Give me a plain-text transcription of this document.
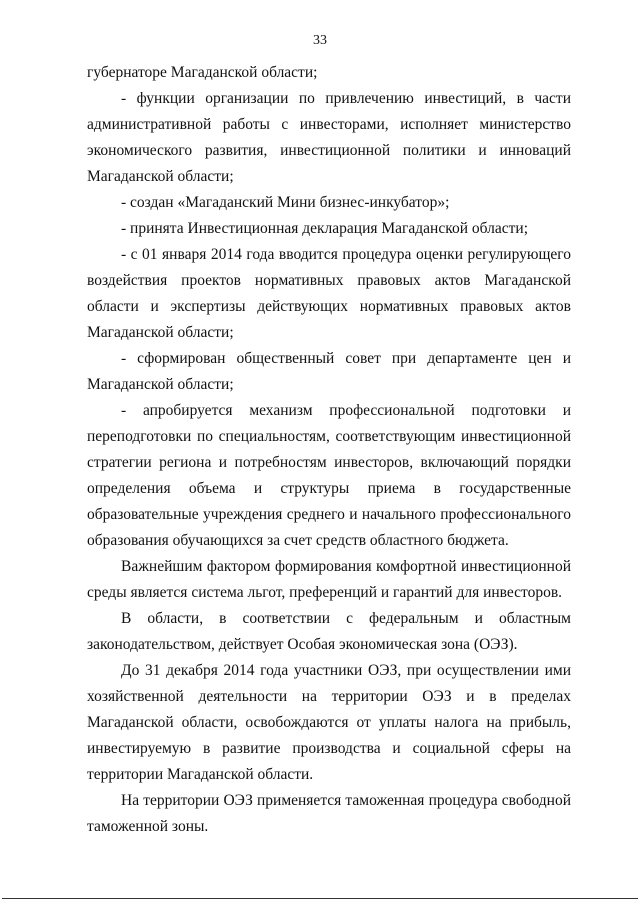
33

губернаторе Магаданской области;

- функции организации по привлечению инвестиций, в части административной работы с инвесторами, исполняет министерство экономического развития, инвестиционной политики и инноваций Магаданской области;

- создан «Магаданский Мини бизнес-инкубатор»;

- принята Инвестиционная декларация Магаданской области;

- с 01 января 2014 года вводится процедура оценки регулирующего воздействия проектов нормативных правовых актов Магаданской области и экспертизы действующих нормативных правовых актов Магаданской области;

- сформирован общественный совет при департаменте цен и Магаданской области;

- апробируется механизм профессиональной подготовки и переподготовки по специальностям, соответствующим инвестиционной стратегии региона и потребностям инвесторов, включающий порядки определения объема и структуры приема в государственные образовательные учреждения среднего и начального профессионального образования обучающихся за счет средств областного бюджета.

Важнейшим фактором формирования комфортной инвестиционной среды является система льгот, преференций и гарантий для инвесторов.

В области, в соответствии с федеральным и областным законодательством, действует Особая экономическая зона (ОЭЗ).

До 31 декабря 2014 года участники ОЭЗ, при осуществлении ими хозяйственной деятельности на территории ОЭЗ и в пределах Магаданской области, освобождаются от уплаты налога на прибыль, инвестируемую в развитие производства и социальной сферы на территории Магаданской области.

На территории ОЭЗ применяется таможенная процедура свободной таможенной зоны.
